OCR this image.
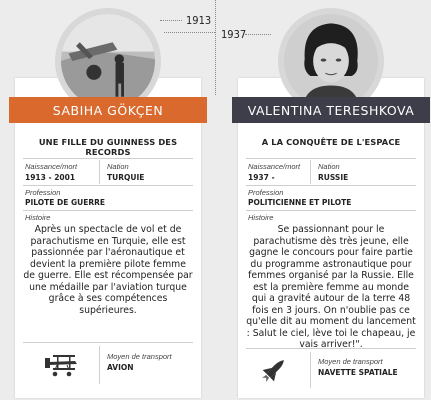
1913
1937
SABIHA GÖKÇEN
UNE FILLE DU GUINNESS DES RECORDS
Naissance/mort
1913 - 2001
Nation
TURQUIE
Profession
PILOTE DE GUERRE
Histoire
Après un spectacle de vol et de parachutisme en Turquie, elle est passionnée par l'aéronautique et devient la première pilote femme de guerre. Elle est récompensée par une médaille par l'aviation turque grâce à ses compétences supérieures.
Moyen de transport
AVION
VALENTINA TERESHKOVA
A LA CONQUÊTE DE L'ESPACE
Naissance/mort
1937 -
Nation
RUSSIE
Profession
POLITICIENNE ET PILOTE
Histoire
Se passionnant pour le parachutisme dès très jeune, elle gagne le concours pour faire partie du programme astronautique pour femmes organisé par la Russie. Elle est la première femme au monde qui a gravité autour de la terre 48 fois en 3 jours. On n'oublie pas ce qu'elle dit au moment du lancement : Salut le ciel, lève toi le chapeau, je vais arriver!".
Moyen de transport
NAVETTE SPATIALE
